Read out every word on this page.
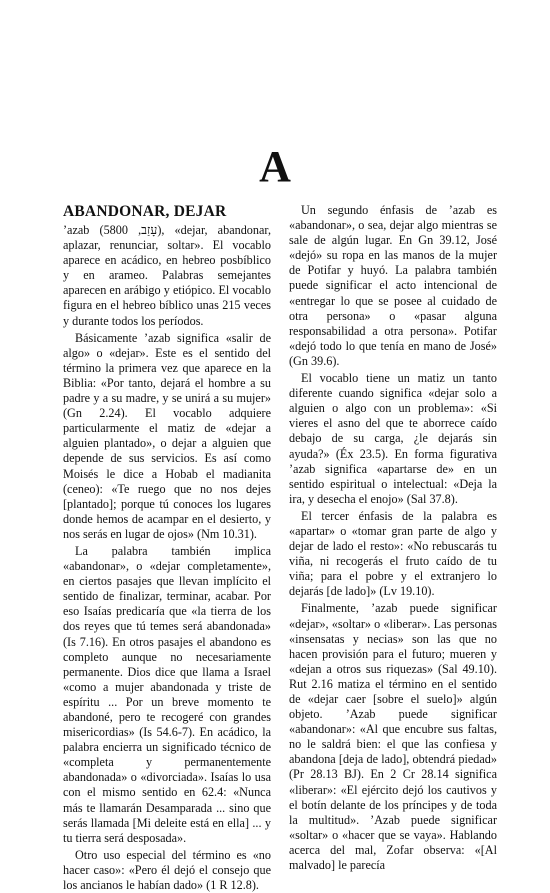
A
ABANDONAR, DEJAR

’azab (עָזַב, 5800), «dejar, abandonar, aplazar, renunciar, soltar». El vocablo aparece en acádico, en hebreo posbíblico y en arameo. Palabras semejantes aparecen en arábigo y etiópico. El vocablo figura en el hebreo bíblico unas 215 veces y durante todos los períodos.

Básicamente ’azab significa «salir de algo» o «dejar». Este es el sentido del término la primera vez que aparece en la Biblia: «Por tanto, dejará el hombre a su padre y a su madre, y se unirá a su mujer» (Gn 2.24). El vocablo adquiere particularmente el matiz de «dejar a alguien plantado», o dejar a alguien que depende de sus servicios. Es así como Moisés le dice a Hobab el madianita (ceneo): «Te ruego que no nos dejes [plantado]; porque tú conoces los lugares donde hemos de acampar en el desierto, y nos serás en lugar de ojos» (Nm 10.31).

La palabra también implica «abandonar», o «dejar completamente», en ciertos pasajes que llevan implícito el sentido de finalizar, terminar, acabar. Por eso Isaías predicaría que «la tierra de los dos reyes que tú temes será abandonada» (Is 7.16). En otros pasajes el abandono es completo aunque no necesariamente permanente. Dios dice que llama a Israel «como a mujer abandonada y triste de espíritu ... Por un breve momento te abandoné, pero te recogeré con grandes misericordias» (Is 54.6-7). En acádico, la palabra encierra un significado técnico de «completa y permanentemente abandonada» o «divorciada». Isaías lo usa con el mismo sentido en 62.4: «Nunca más te llamarán Desamparada ... sino que serás llamada [Mi deleite está en ella] ... y tu tierra será desposada».

Otro uso especial del término es «no hacer caso»: «Pero él dejó el consejo que los ancianos le habían dado» (1 R 12.8).

Un segundo énfasis de ’azab es «abandonar», o sea, dejar algo mientras se sale de algún lugar. En Gn 39.12, José «dejó» su ropa en las manos de la mujer de Potifar y huyó. La palabra también puede significar el acto intencional de «entregar lo que se posee al cuidado de otra persona» o «pasar alguna responsabilidad a otra persona». Potifar «dejó todo lo que tenía en mano de José» (Gn 39.6).

El vocablo tiene un matiz un tanto diferente cuando significa «dejar solo a alguien o algo con un problema»: «Si vieres el asno del que te aborrece caído debajo de su carga, ¿le dejarás sin ayuda?» (Éx 23.5). En forma figurativa ’azab significa «apartarse de» en un sentido espiritual o intelectual: «Deja la ira, y desecha el enojo» (Sal 37.8).

El tercer énfasis de la palabra es «apartar» o «tomar gran parte de algo y dejar de lado el resto»: «No rebuscarás tu viña, ni recogerás el fruto caído de tu viña; para el pobre y el extranjero lo dejarás [de lado]» (Lv 19.10).

Finalmente, ’azab puede significar «dejar», «soltar» o «liberar». Las personas «insensatas y necias» son las que no hacen provisión para el futuro; mueren y «dejan a otros sus riquezas» (Sal 49.10). Rut 2.16 matiza el término en el sentido de «dejar caer [sobre el suelo]» algún objeto. ’Azab puede significar «abandonar»: «Al que encubre sus faltas, no le saldrá bien: el que las confiesa y abandona [deja de lado], obtendrá piedad» (Pr 28.13 BJ). En 2 Cr 28.14 significa «liberar»: «El ejército dejó los cautivos y el botín delante de los príncipes y de toda la multitud». ’Azab puede significar «soltar» o «hacer que se vaya». Hablando acerca del mal, Zofar observa: «[Al malvado] le parecía
